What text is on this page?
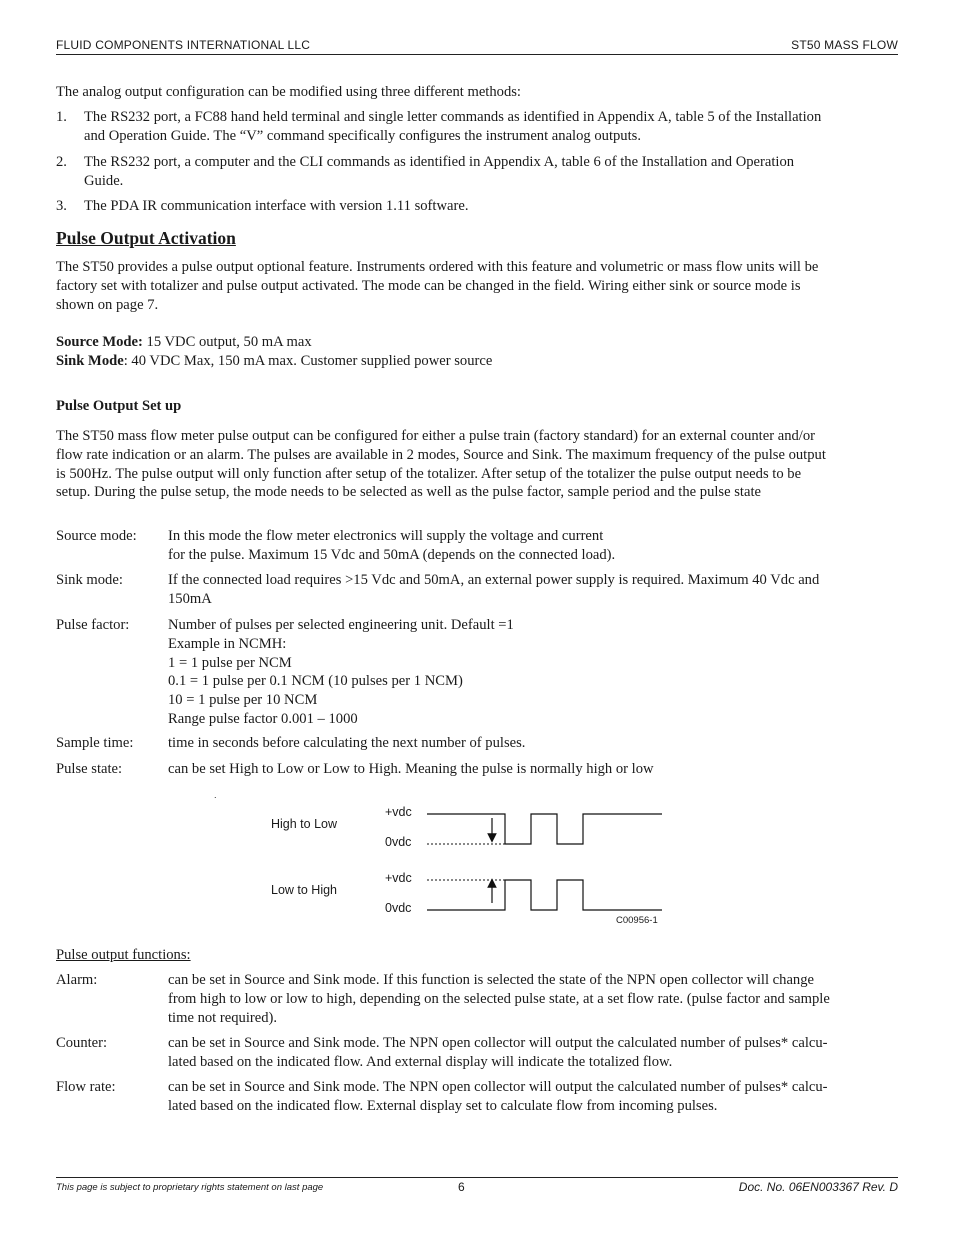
FLUID COMPONENTS INTERNATIONAL LLC	ST50 MASS FLOW
The analog output configuration can be modified using three different methods:
1. The RS232 port, a FC88 hand held terminal and single letter commands as identified in Appendix A, table 5 of the Installation
and Operation Guide. The “V” command specifically configures the instrument analog outputs.
2. The RS232 port, a computer and the CLI commands as identified in Appendix A, table 6 of the Installation and Operation
Guide.
3. The PDA IR communication interface with version 1.11 software.
Pulse Output Activation
The ST50 provides a pulse output optional feature. Instruments ordered with this feature and volumetric or mass flow units will be
factory set with totalizer and pulse output activated. The mode can be changed in the field. Wiring either sink or source mode is
shown on page 7.
Source Mode: 15 VDC output, 50 mA max
Sink Mode: 40 VDC Max, 150 mA max. Customer supplied power source
Pulse Output Set up
The ST50 mass flow meter pulse output can be configured for either a pulse train (factory standard) for an external counter and/or
flow rate indication or an alarm. The pulses are available in 2 modes, Source and Sink. The maximum frequency of the pulse output
is 500Hz. The pulse output will only function after setup of the totalizer. After setup of the totalizer the pulse output needs to be
setup. During the pulse setup, the mode needs to be selected as well as the pulse factor, sample period and the pulse state
Source mode: In this mode the flow meter electronics will supply the voltage and current
for the pulse. Maximum 15 Vdc and 50mA (depends on the connected load).
Sink mode:	If the connected load requires >15 Vdc and 50mA, an external power supply is required. Maximum 40 Vdc and
150mA
Pulse factor:	Number of pulses per selected engineering unit. Default =1
Example in NCMH:
1 = 1 pulse per NCM
0.1 = 1 pulse per 0.1 NCM (10 pulses per 1 NCM)
10 = 1 pulse per 10 NCM
Range pulse factor 0.001 – 1000
Sample time: time in seconds before calculating the next number of pulses.
Pulse state:	can be set High to Low or Low to High. Meaning the pulse is normally high or low
.
High to Low
Low to High
+vdc
0vdc
+vdc
0vdc
C00956-1
Pulse output functions:
Alarm:	can be set in Source and Sink mode. If this function is selected the state of the NPN open collector will change
from high to low or low to high, depending on the selected pulse state, at a set flow rate. (pulse factor and sample
time not required).
Counter:	can be set in Source and Sink mode. The NPN open collector will output the calculated number of pulses* calcu-
lated based on the indicated flow. And external display will indicate the totalized flow.
Flow rate:	can be set in Source and Sink mode. The NPN open collector will output the calculated number of pulses* calcu-
lated based on the indicated flow. External display set to calculate flow from incoming pulses.
This page is subject to proprietary rights statement on last page	6	Doc. No. 06EN003367 Rev. D
